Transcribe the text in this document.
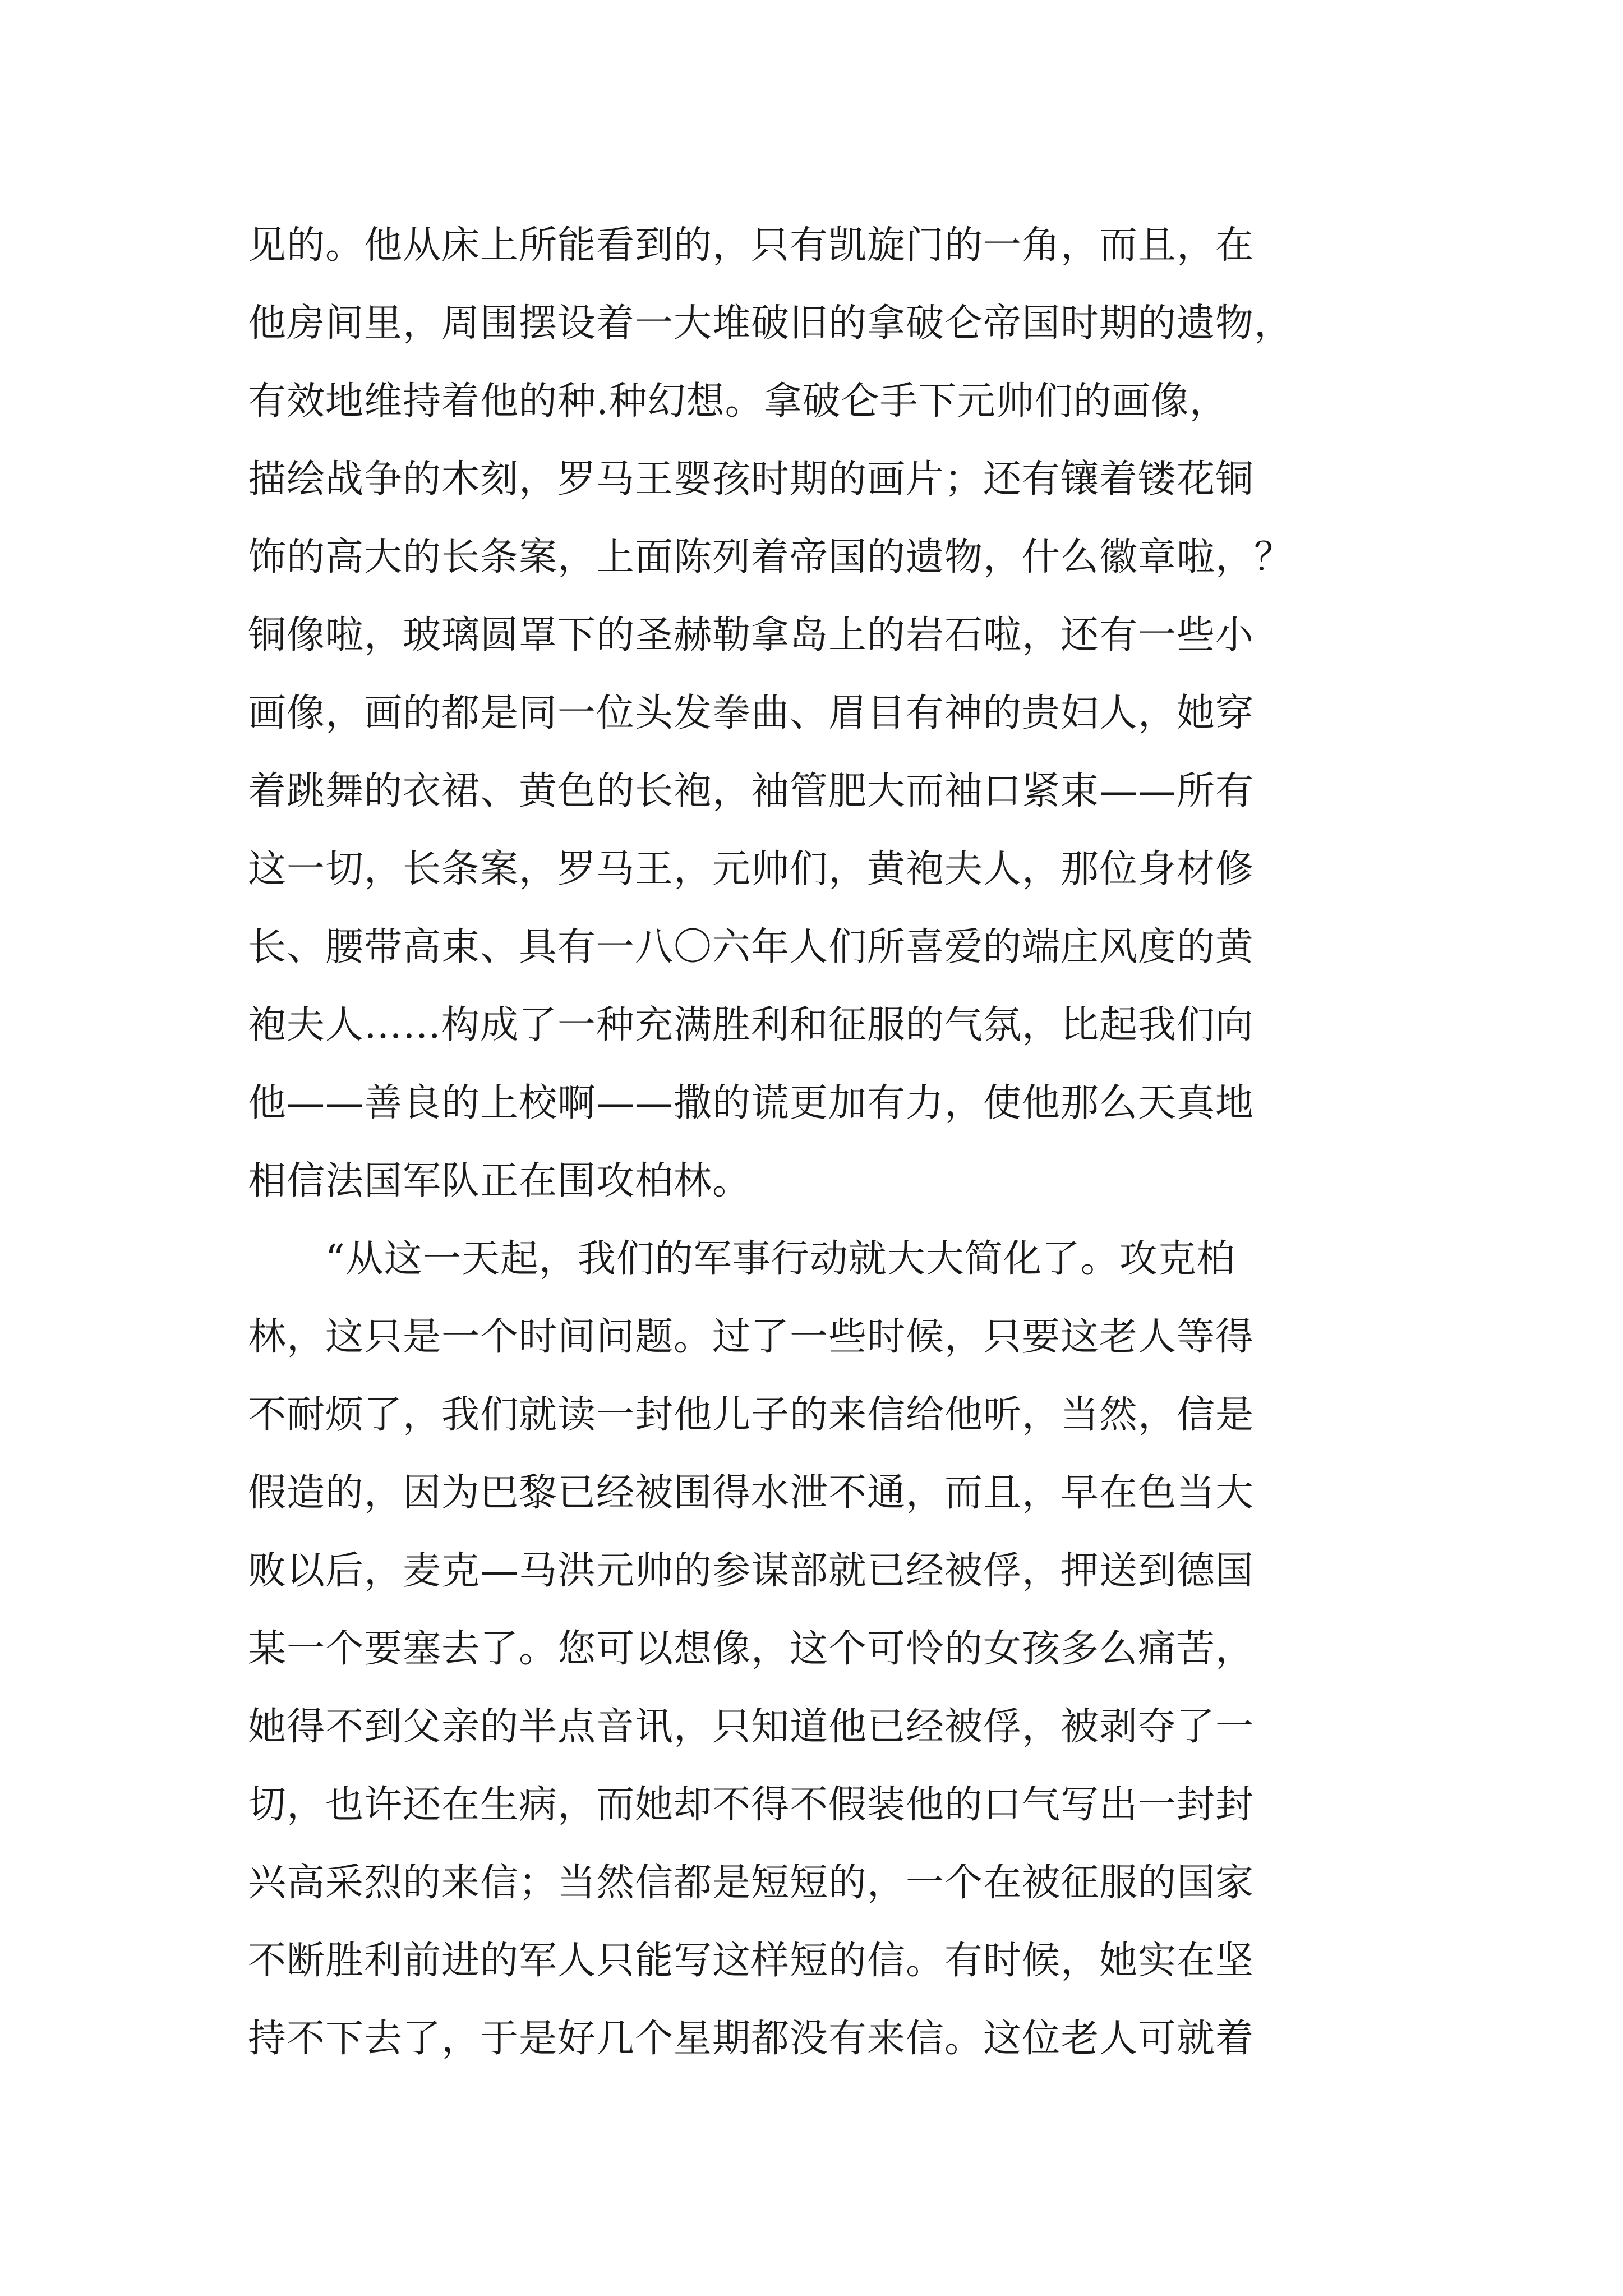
见的。他从床上所能看到的，只有凯旋门的一角，而且，在
他房间里，周围摆设着一大堆破旧的拿破仑帝国时期的遗物，
有效地维持着他的种.种幻想。拿破仑手下元帅们的画像，
描绘战争的木刻，罗马王婴孩时期的画片；还有镶着镂花铜
饰的高大的长条案，上面陈列着帝国的遗物，什么徽章啦，？
铜像啦，玻璃圆罩下的圣赫勒拿岛上的岩石啦，还有一些小
画像，画的都是同一位头发拳曲、眉目有神的贵妇人，她穿
着跳舞的衣裙、黄色的长袍，袖管肥大而袖口紧束——所有
这一切，长条案，罗马王，元帅们，黄袍夫人，那位身材修
长、腰带高束、具有一八〇六年人们所喜爱的端庄风度的黄
袍夫人……构成了一种充满胜利和征服的气氛，比起我们向
他——善良的上校啊——撒的谎更加有力，使他那么天真地
相信法国军队正在围攻柏林。
　　“从这一天起，我们的军事行动就大大简化了。攻克柏
林，这只是一个时间问题。过了一些时候，只要这老人等得
不耐烦了，我们就读一封他儿子的来信给他听，当然，信是
假造的，因为巴黎已经被围得水泄不通，而且，早在色当大
败以后，麦克—马洪元帅的参谋部就已经被俘，押送到德国
某一个要塞去了。您可以想像，这个可怜的女孩多么痛苦，
她得不到父亲的半点音讯，只知道他已经被俘，被剥夺了一
切，也许还在生病，而她却不得不假装他的口气写出一封封
兴高采烈的来信；当然信都是短短的，一个在被征服的国家
不断胜利前进的军人只能写这样短的信。有时候，她实在坚
持不下去了，于是好几个星期都没有来信。这位老人可就着
